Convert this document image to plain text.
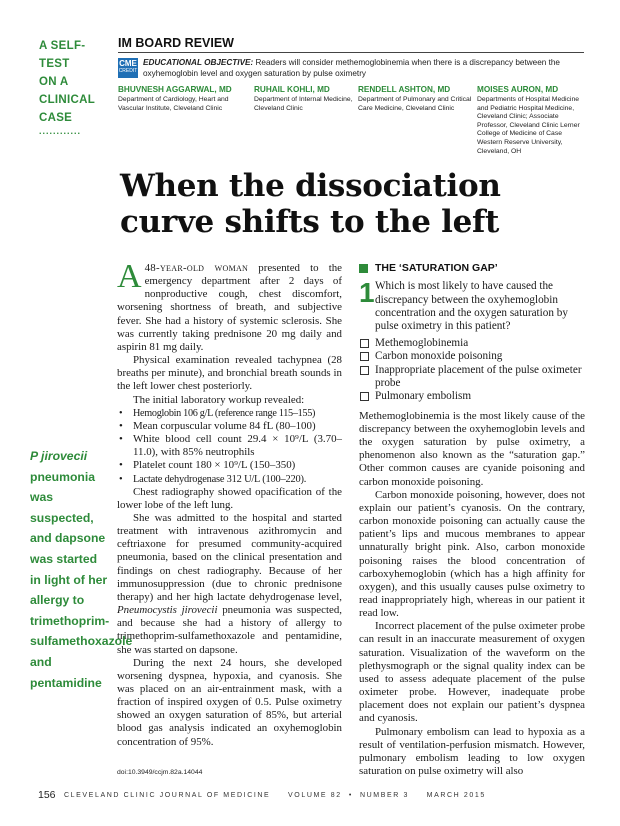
A SELF-TEST
ON A
CLINICAL
CASE
............
IM BOARD REVIEW
CME
CREDIT
EDUCATIONAL OBJECTIVE: Readers will consider methemoglobinemia when there is a discrepancy between the oxyhemoglobin level and oxygen saturation by pulse oximetry
BHUVNESH AGGARWAL, MD
Department of Cardiology, Heart and Vascular Institute, Cleveland Clinic
RUHAIL KOHLI, MD
Department of Internal Medicine, Cleveland Clinic
RENDELL ASHTON, MD
Department of Pulmonary and Critical Care Medicine, Cleveland Clinic
MOISES AURON, MD
Departments of Hospital Medicine and Pediatric Hospital Medicine, Cleveland Clinic; Associate Professor, Cleveland Clinic Lerner College of Medicine of Case Western Reserve University, Cleveland, OH
When the dissociation curve shifts to the left

A 48-year-old woman presented to the emergency department after 2 days of nonproductive cough, chest discomfort, worsening shortness of breath, and subjective fever. She had a history of systemic sclerosis. She was currently taking prednisone 20 mg daily and aspirin 81 mg daily.

Physical examination revealed tachypnea (28 breaths per minute), and bronchial breath sounds in the left lower chest posteriorly.

The initial laboratory workup revealed:

• Hemoglobin 106 g/L (reference range 115–155)
• Mean corpuscular volume 84 fL (80–100)
• White blood cell count 29.4 × 10⁹/L (3.70–11.0), with 85% neutrophils
• Platelet count 180 × 10⁹/L (150–350)
• Lactate dehydrogenase 312 U/L (100–220).

Chest radiography showed opacification of the lower lobe of the left lung.

She was admitted to the hospital and started treatment with intravenous azithromycin and ceftriaxone for presumed community-acquired pneumonia, based on the clinical presentation and findings on chest radiography. Because of her immunosuppression (due to chronic prednisone therapy) and her high lactate dehydrogenase level, Pneumocystis jirovecii pneumonia was suspected, and because she had a history of allergy to trimethoprim-sulfamethoxazole and pentamidine, she was started on dapsone.

During the next 24 hours, she developed worsening dyspnea, hypoxia, and cyanosis. She was placed on an air-entrainment mask, with a fraction of inspired oxygen of 0.5. Pulse oximetry showed an oxygen saturation of 85%, but arterial blood gas analysis indicated an oxyhemoglobin concentration of 95%.

P jirovecii pneumonia was suspected, and dapsone was started in light of her allergy to trimethoprim-sulfamethoxazole and pentamidine
THE ‘SATURATION GAP’
1 Which is most likely to have caused the discrepancy between the oxyhemoglobin concentration and the oxygen saturation by pulse oximetry in this patient?
Methemoglobinemia
Carbon monoxide poisoning
Inappropriate placement of the pulse oximeter probe
Pulmonary embolism

Methemoglobinemia is the most likely cause of the discrepancy between the oxyhemoglobin levels and the oxygen saturation by pulse oximetry, a phenomenon also known as the “saturation gap.” Other common causes are cyanide poisoning and carbon monoxide poisoning.

Carbon monoxide poisoning, however, does not explain our patient’s cyanosis. On the contrary, carbon monoxide poisoning can actually cause the patient’s lips and mucous membranes to appear unnaturally bright pink. Also, carbon monoxide poisoning raises the blood concentration of carboxyhemoglobin (which has a high affinity for oxygen), and this usually causes pulse oximetry to read inappropriately high, whereas in our patient it read low.

Incorrect placement of the pulse oximeter probe can result in an inaccurate measurement of oxygen saturation. Visualization of the waveform on the plethysmograph or the signal quality index can be used to assess adequate placement of the pulse oximeter probe. However, inadequate probe placement does not explain our patient’s dyspnea and cyanosis.

Pulmonary embolism can lead to hypoxia as a result of ventilation-perfusion mismatch. However, pulmonary embolism leading to low oxygen saturation on pulse oximetry will also

doi:10.3949/ccjm.82a.14044
156 CLEVELAND CLINIC JOURNAL OF MEDICINE     VOLUME 82  •  NUMBER 3     MARCH 2015
